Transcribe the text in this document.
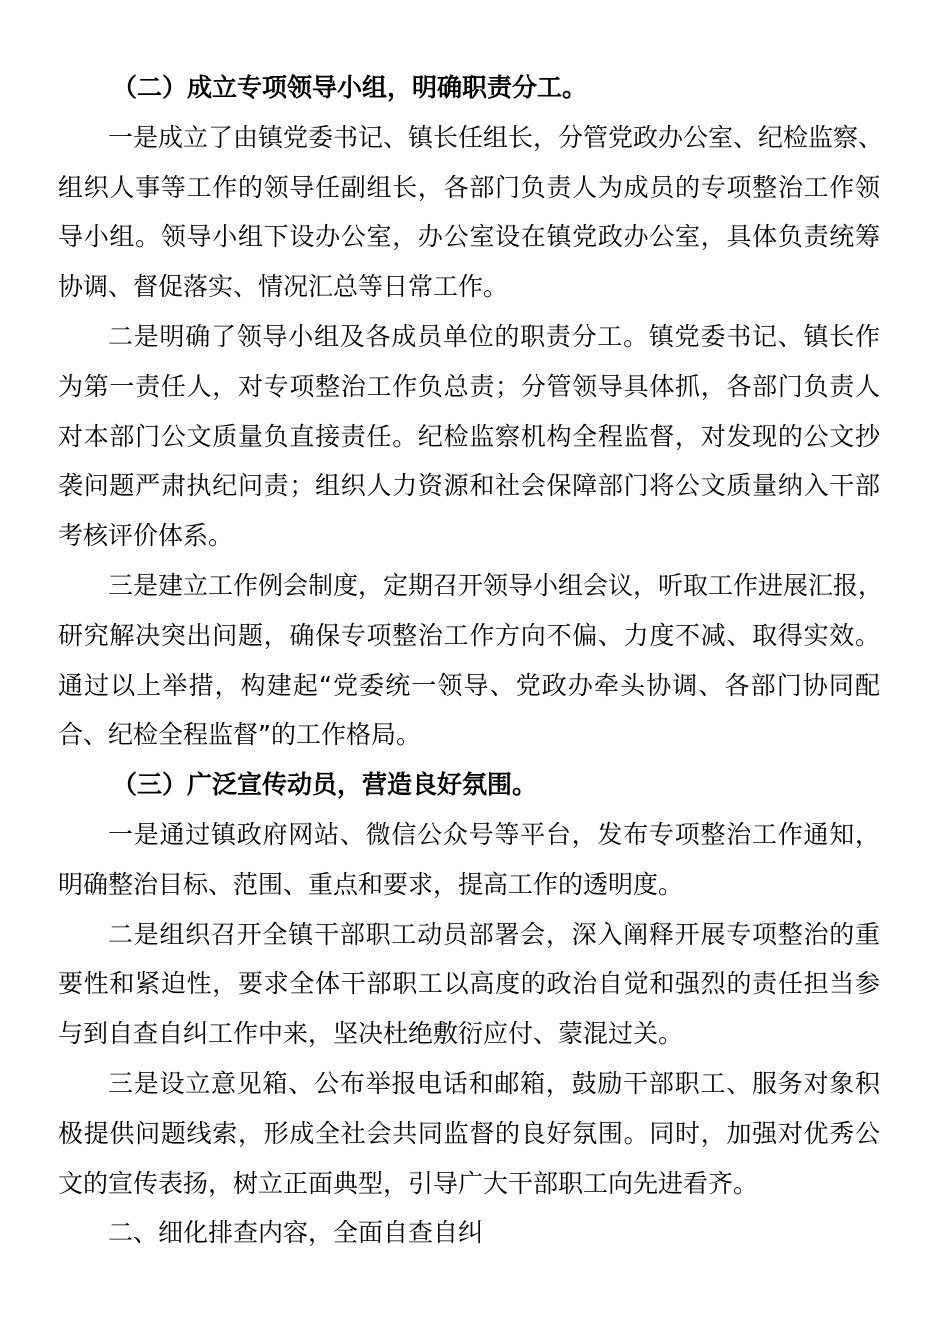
（二）成立专项领导小组，明确职责分工。
一是成立了由镇党委书记、镇长任组长，分管党政办公室、纪检监察、
组织人事等工作的领导任副组长，各部门负责人为成员的专项整治工作领
导小组。领导小组下设办公室，办公室设在镇党政办公室，具体负责统筹
协调、督促落实、情况汇总等日常工作。
二是明确了领导小组及各成员单位的职责分工。镇党委书记、镇长作
为第一责任人，对专项整治工作负总责；分管领导具体抓，各部门负责人
对本部门公文质量负直接责任。纪检监察机构全程监督，对发现的公文抄
袭问题严肃执纪问责；组织人力资源和社会保障部门将公文质量纳入干部
考核评价体系。
三是建立工作例会制度，定期召开领导小组会议，听取工作进展汇报，
研究解决突出问题，确保专项整治工作方向不偏、力度不减、取得实效。
通过以上举措，构建起“党委统一领导、党政办牵头协调、各部门协同配
合、纪检全程监督”的工作格局。
（三）广泛宣传动员，营造良好氛围。
一是通过镇政府网站、微信公众号等平台，发布专项整治工作通知，
明确整治目标、范围、重点和要求，提高工作的透明度。
二是组织召开全镇干部职工动员部署会，深入阐释开展专项整治的重
要性和紧迫性，要求全体干部职工以高度的政治自觉和强烈的责任担当参
与到自查自纠工作中来，坚决杜绝敷衍应付、蒙混过关。
三是设立意见箱、公布举报电话和邮箱，鼓励干部职工、服务对象积
极提供问题线索，形成全社会共同监督的良好氛围。同时，加强对优秀公
文的宣传表扬，树立正面典型，引导广大干部职工向先进看齐。
二、细化排查内容，全面自查自纠
